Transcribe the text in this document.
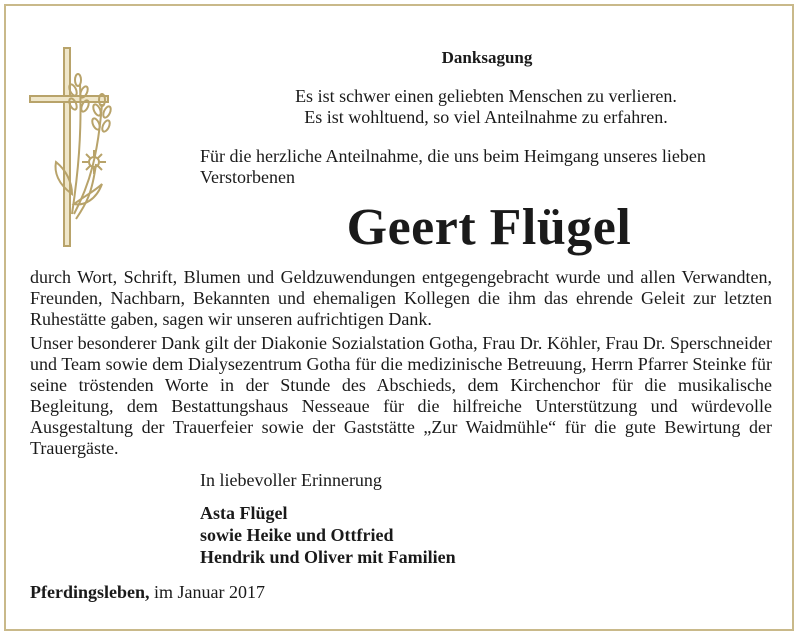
Danksagung
Es ist schwer einen geliebten Menschen zu verlieren.
Es ist wohltuend, so viel Anteilnahme zu erfahren.
Für die herzliche Anteilnahme, die uns beim Heimgang unseres lieben Verstorbenen
Geert Flügel
durch Wort, Schrift, Blumen und Geldzuwendungen entgegengebracht wurde und allen Verwandten, Freunden, Nachbarn, Bekannten und ehemaligen Kollegen die ihm das ehrende Geleit zur letzten Ruhestätte gaben, sagen wir unseren aufrichtigen Dank.
Unser besonderer Dank gilt der Diakonie Sozialstation Gotha, Frau Dr. Köhler, Frau Dr. Sperschneider und Team sowie dem Dialysezentrum Gotha für die medizinische Betreuung, Herrn Pfarrer Steinke für seine tröstenden Worte in der Stunde des Abschieds, dem Kirchenchor für die musikalische Begleitung, dem Bestattungshaus Nesseaue für die hilfreiche Unterstützung und würdevolle Ausgestaltung der Trauerfeier sowie der Gaststätte „Zur Waidmühle“ für die gute Bewirtung der Trauergäste.
In liebevoller Erinnerung
Asta Flügel
sowie Heike und Ottfried
Hendrik und Oliver mit Familien
Pferdingsleben, im Januar 2017
